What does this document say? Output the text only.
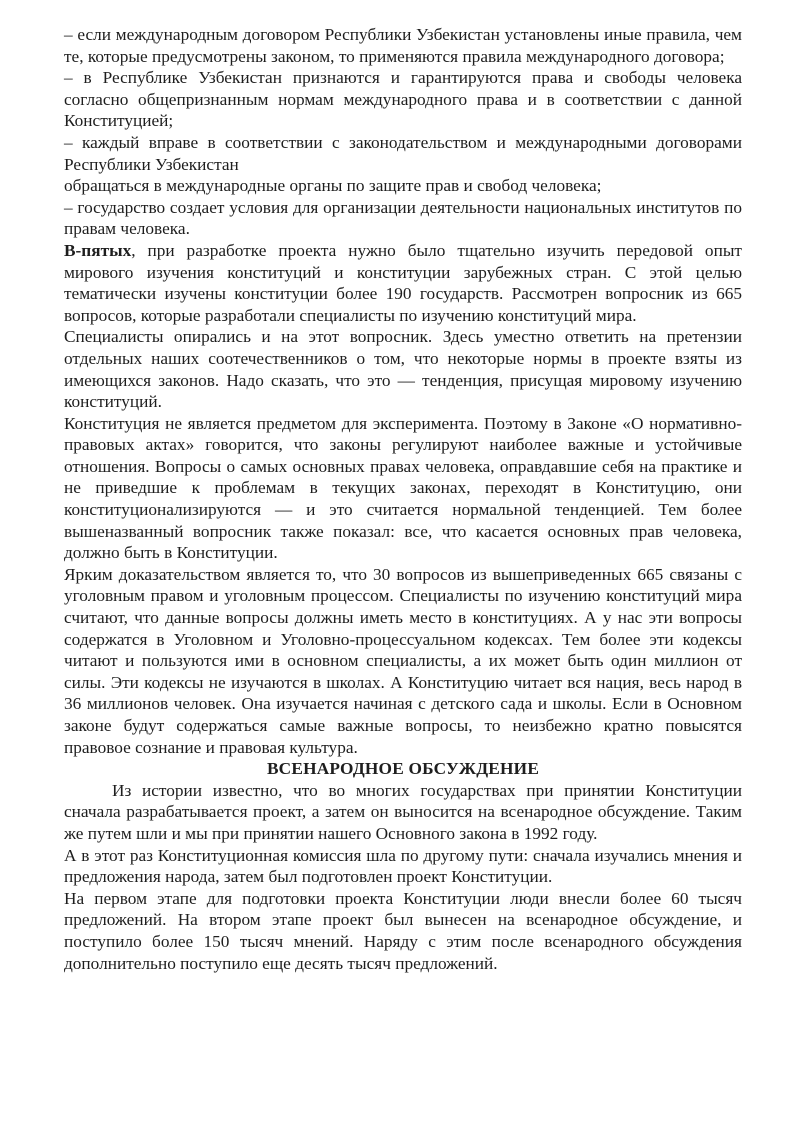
– если международным договором Республики Узбекистан установлены иные правила, чем те, которые предусмотрены законом, то применяются правила международного договора;

– в Республике Узбекистан признаются и гарантируются права и свободы человека согласно общепризнанным нормам международного права и в соответствии с данной Конституцией;

– каждый вправе в соответствии с законодательством и международными договорами Республики Узбекистан

обращаться в международные органы по защите прав и свобод человека;

– государство создает условия для организации деятельности национальных институтов по правам человека.

В-пятых, при разработке проекта нужно было тщательно изучить передовой опыт мирового изучения конституций и конституции зарубежных стран. С этой целью тематически изучены конституции более 190 государств. Рассмотрен вопросник из 665 вопросов, которые разработали специалисты по изучению конституций мира.

Специалисты опирались и на этот вопросник. Здесь уместно ответить на претензии отдельных наших соотечественников о том, что некоторые нормы в проекте взяты из имеющихся законов. Надо сказать, что это — тенденция, присущая мировому изучению конституций.

Конституция не является предметом для эксперимента. Поэтому в Законе «О нормативно-правовых актах» говорится, что законы регулируют наиболее важные и устойчивые отношения. Вопросы о самых основных правах человека, оправдавшие себя на практике и не приведшие к проблемам в текущих законах, переходят в Конституцию, они конституционализируются — и это считается нормальной тенденцией. Тем более вышеназванный вопросник также показал: все, что касается основных прав человека, должно быть в Конституции.

Ярким доказательством является то, что 30 вопросов из вышеприведенных 665 связаны с уголовным правом и уголовным процессом. Специалисты по изучению конституций мира считают, что данные вопросы должны иметь место в конституциях. А у нас эти вопросы содержатся в Уголовном и Уголовно-процессуальном кодексах. Тем более эти кодексы читают и пользуются ими в основном специалисты, а их может быть один миллион от силы. Эти кодексы не изучаются в школах. А Конституцию читает вся нация, весь народ в 36 миллионов человек. Она изучается начиная с детского сада и школы. Если в Основном законе будут содержаться самые важные вопросы, то неизбежно кратно повысятся правовое сознание и правовая культура.

ВСЕНАРОДНОЕ ОБСУЖДЕНИЕ

Из истории известно, что во многих государствах при принятии Конституции сначала разрабатывается проект, а затем он выносится на всенародное обсуждение. Таким же путем шли и мы при принятии нашего Основного закона в 1992 году.

А в этот раз Конституционная комиссия шла по другому пути: сначала изучались мнения и предложения народа, затем был подготовлен проект Конституции.

На первом этапе для подготовки проекта Конституции люди внесли более 60 тысяч предложений. На втором этапе проект был вынесен на всенародное обсуждение, и поступило более 150 тысяч мнений. Наряду с этим после всенародного обсуждения дополнительно поступило еще десять тысяч предложений.
